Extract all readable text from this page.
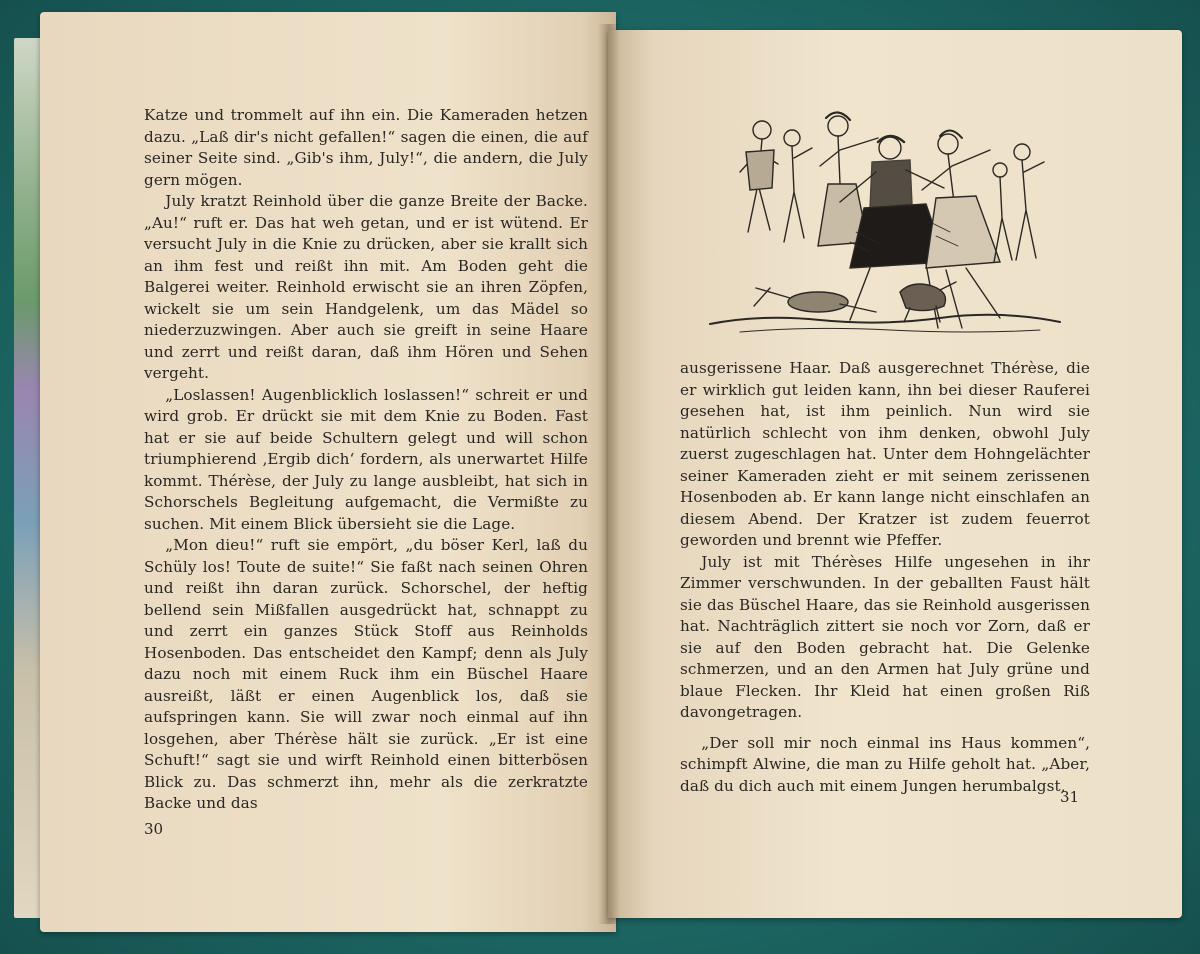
Katze und trommelt auf ihn ein. Die Kameraden hetzen dazu. „Laß dir's nicht gefallen!“ sagen die einen, die auf seiner Seite sind. „Gib's ihm, July!“, die andern, die July gern mögen.

July kratzt Reinhold über die ganze Breite der Backe. „Au!“ ruft er. Das hat weh getan, und er ist wütend. Er versucht July in die Knie zu drücken, aber sie krallt sich an ihm fest und reißt ihn mit. Am Boden geht die Balgerei weiter. Reinhold erwischt sie an ihren Zöpfen, wickelt sie um sein Handgelenk, um das Mädel so niederzuzwingen. Aber auch sie greift in seine Haare und zerrt und reißt daran, daß ihm Hören und Sehen vergeht.

„Loslassen! Augenblicklich loslassen!“ schreit er und wird grob. Er drückt sie mit dem Knie zu Boden. Fast hat er sie auf beide Schultern gelegt und will schon triumphierend ‚Ergib dich‘ fordern, als unerwartet Hilfe kommt. Thérèse, der July zu lange ausbleibt, hat sich in Schorschels Begleitung aufgemacht, die Vermißte zu suchen. Mit einem Blick übersieht sie die Lage.

„Mon dieu!“ ruft sie empört, „du böser Kerl, laß du Schüly los! Toute de suite!“ Sie faßt nach seinen Ohren und reißt ihn daran zurück. Schorschel, der heftig bellend sein Mißfallen ausgedrückt hat, schnappt zu und zerrt ein ganzes Stück Stoff aus Reinholds Hosenboden. Das entscheidet den Kampf; denn als July dazu noch mit einem Ruck ihm ein Büschel Haare ausreißt, läßt er einen Augenblick los, daß sie aufspringen kann. Sie will zwar noch einmal auf ihn losgehen, aber Thérèse hält sie zurück. „Er ist eine Schuft!“ sagt sie und wirft Reinhold einen bitterbösen Blick zu. Das schmerzt ihn, mehr als die zerkratzte Backe und das

30

ausgerissene Haar. Daß ausgerechnet Thérèse, die er wirklich gut leiden kann, ihn bei dieser Rauferei gesehen hat, ist ihm peinlich. Nun wird sie natürlich schlecht von ihm denken, obwohl July zuerst zugeschlagen hat. Unter dem Hohngelächter seiner Kameraden zieht er mit seinem zerissenen Hosenboden ab. Er kann lange nicht einschlafen an diesem Abend. Der Kratzer ist zudem feuerrot geworden und brennt wie Pfeffer.

July ist mit Thérèses Hilfe ungesehen in ihr Zimmer verschwunden. In der geballten Faust hält sie das Büschel Haare, das sie Reinhold ausgerissen hat. Nachträglich zittert sie noch vor Zorn, daß er sie auf den Boden gebracht hat. Die Gelenke schmerzen, und an den Armen hat July grüne und blaue Flecken. Ihr Kleid hat einen großen Riß davongetragen.

„Der soll mir noch einmal ins Haus kommen“, schimpft Alwine, die man zu Hilfe geholt hat. „Aber, daß du dich auch mit einem Jungen herumbalgst,

31
